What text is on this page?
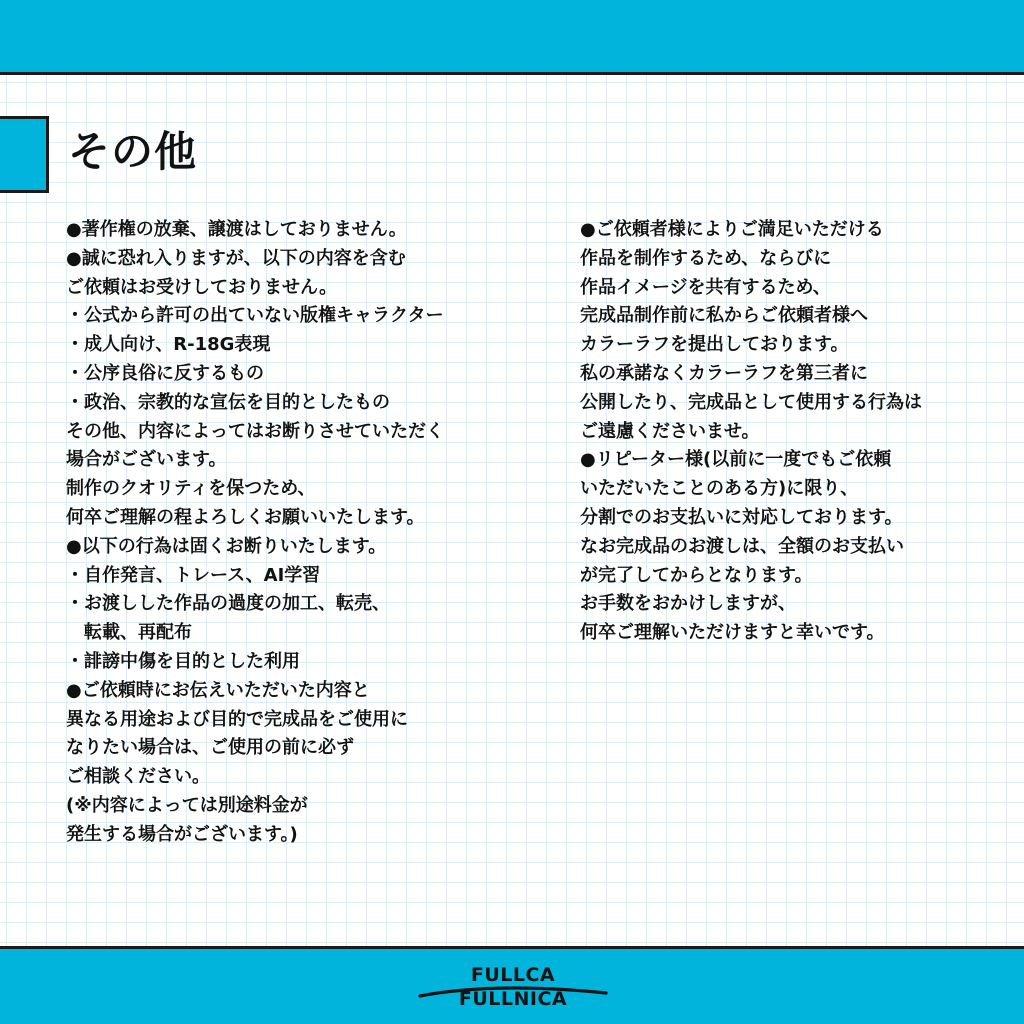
その他
●著作権の放棄、譲渡はしておりません。
●誠に恐れ入りますが、以下の内容を含む
ご依頼はお受けしておりません。
・公式から許可の出ていない版権キャラクター
・成人向け、R-18G表現
・公序良俗に反するもの
・政治、宗教的な宣伝を目的としたもの
その他、内容によってはお断りさせていただく
場合がございます。
制作のクオリティを保つため、
何卒ご理解の程よろしくお願いいたします。
●以下の行為は固くお断りいたします。
・自作発言、トレース、AI学習
・お渡しした作品の過度の加工、転売、
　転載、再配布
・誹謗中傷を目的とした利用
●ご依頼時にお伝えいただいた内容と
異なる用途および目的で完成品をご使用に
なりたい場合は、ご使用の前に必ず
ご相談ください。
(※内容によっては別途料金が
発生する場合がございます。)
●ご依頼者様によりご満足いただける
作品を制作するため、ならびに
作品イメージを共有するため、
完成品制作前に私からご依頼者様へ
カラーラフを提出しております。
私の承諾なくカラーラフを第三者に
公開したり、完成品として使用する行為は
ご遠慮くださいませ。
●リピーター様(以前に一度でもご依頼
いただいたことのある方)に限り、
分割でのお支払いに対応しております。
なお完成品のお渡しは、全額のお支払い
が完了してからとなります。
お手数をおかけしますが、
何卒ご理解いただけますと幸いです。
FULLCA FULLNICA
